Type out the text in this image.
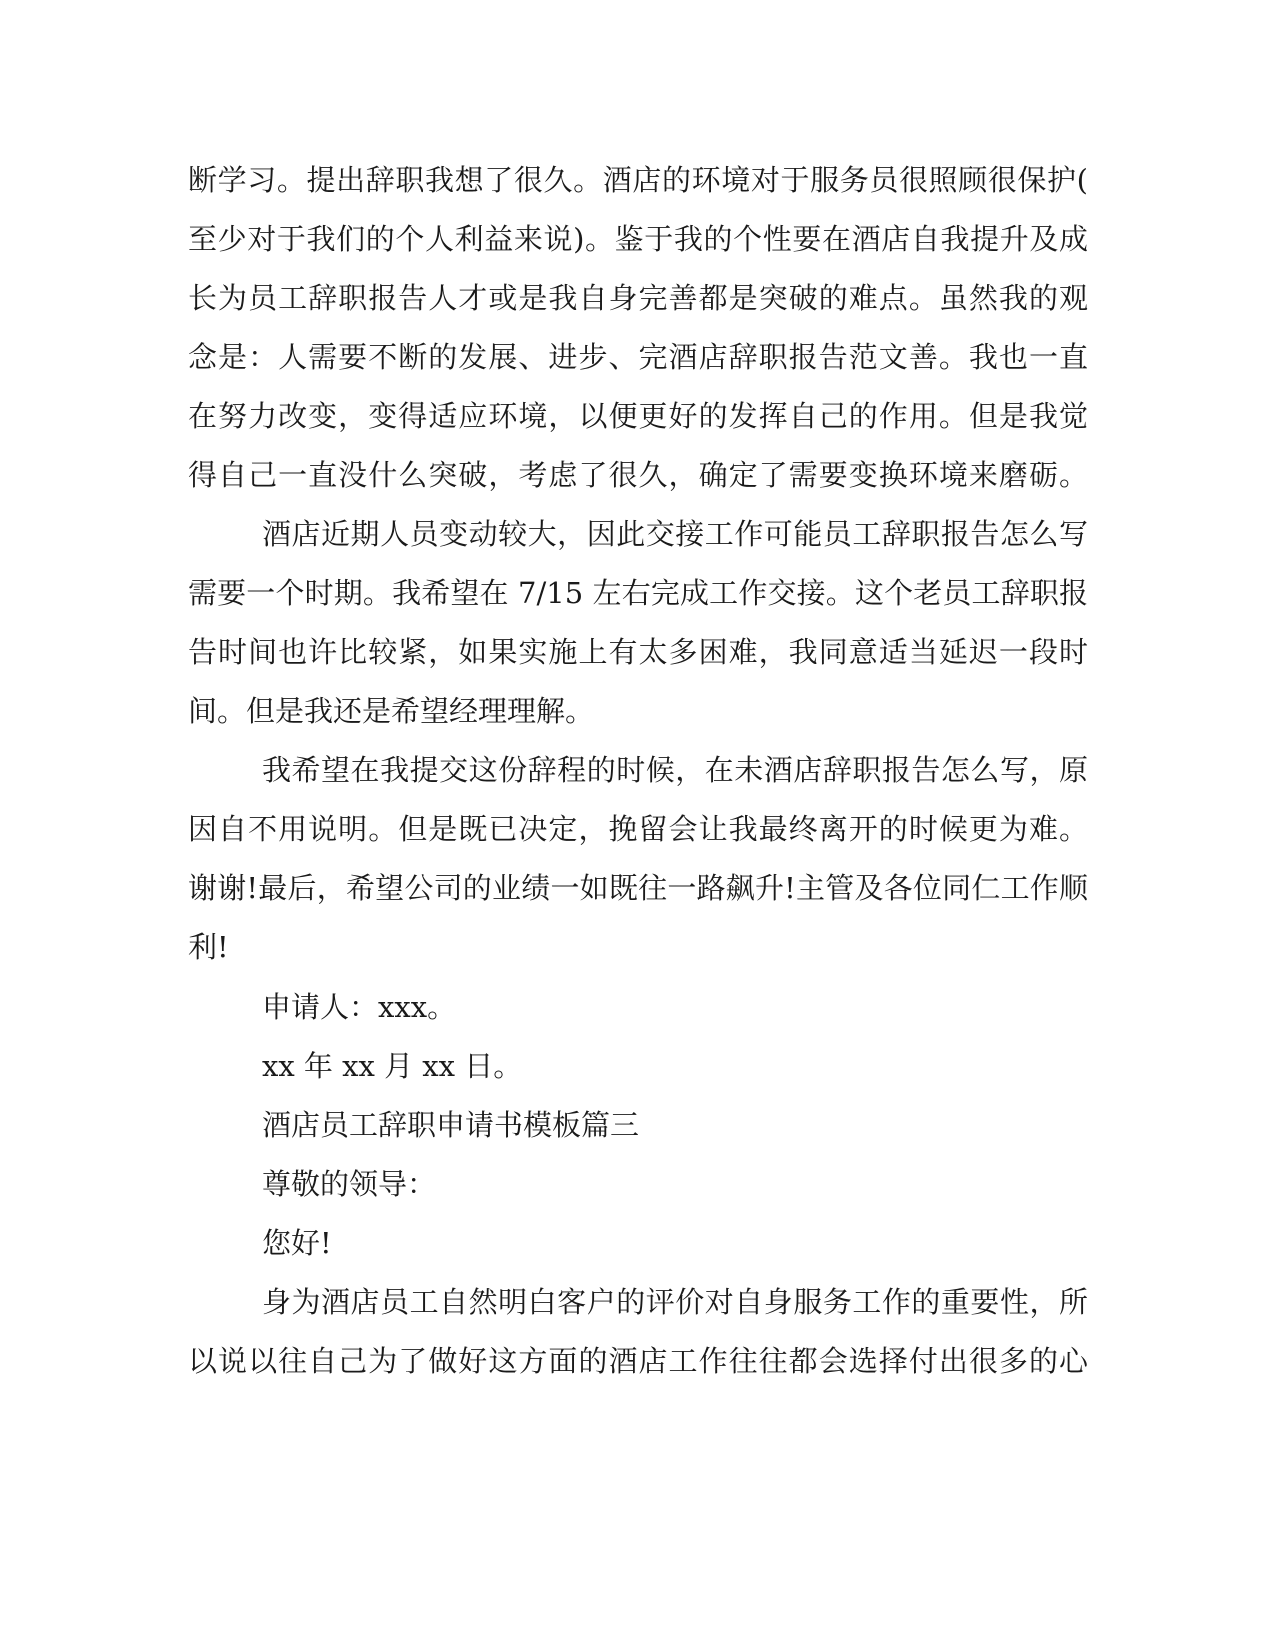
断学习。提出辞职我想了很久。酒店的环境对于服务员很照顾很保护(
至少对于我们的个人利益来说)。鉴于我的个性要在酒店自我提升及成
长为员工辞职报告人才或是我自身完善都是突破的难点。虽然我的观
念是：人需要不断的发展、进步、完酒店辞职报告范文善。我也一直
在努力改变，变得适应环境，以便更好的发挥自己的作用。但是我觉
得自己一直没什么突破，考虑了很久，确定了需要变换环境来磨砺。
酒店近期人员变动较大，因此交接工作可能员工辞职报告怎么写
需要一个时期。我希望在 7/15 左右完成工作交接。这个老员工辞职报
告时间也许比较紧，如果实施上有太多困难，我同意适当延迟一段时
间。但是我还是希望经理理解。
我希望在我提交这份辞程的时候，在未酒店辞职报告怎么写，原
因自不用说明。但是既已决定，挽留会让我最终离开的时候更为难。
谢谢!最后，希望公司的业绩一如既往一路飙升!主管及各位同仁工作顺
利!
申请人：xxx。
xx 年 xx 月 xx 日。
酒店员工辞职申请书模板篇三
尊敬的领导：
您好!
身为酒店员工自然明白客户的评价对自身服务工作的重要性，所
以说以往自己为了做好这方面的酒店工作往往都会选择付出很多的心
